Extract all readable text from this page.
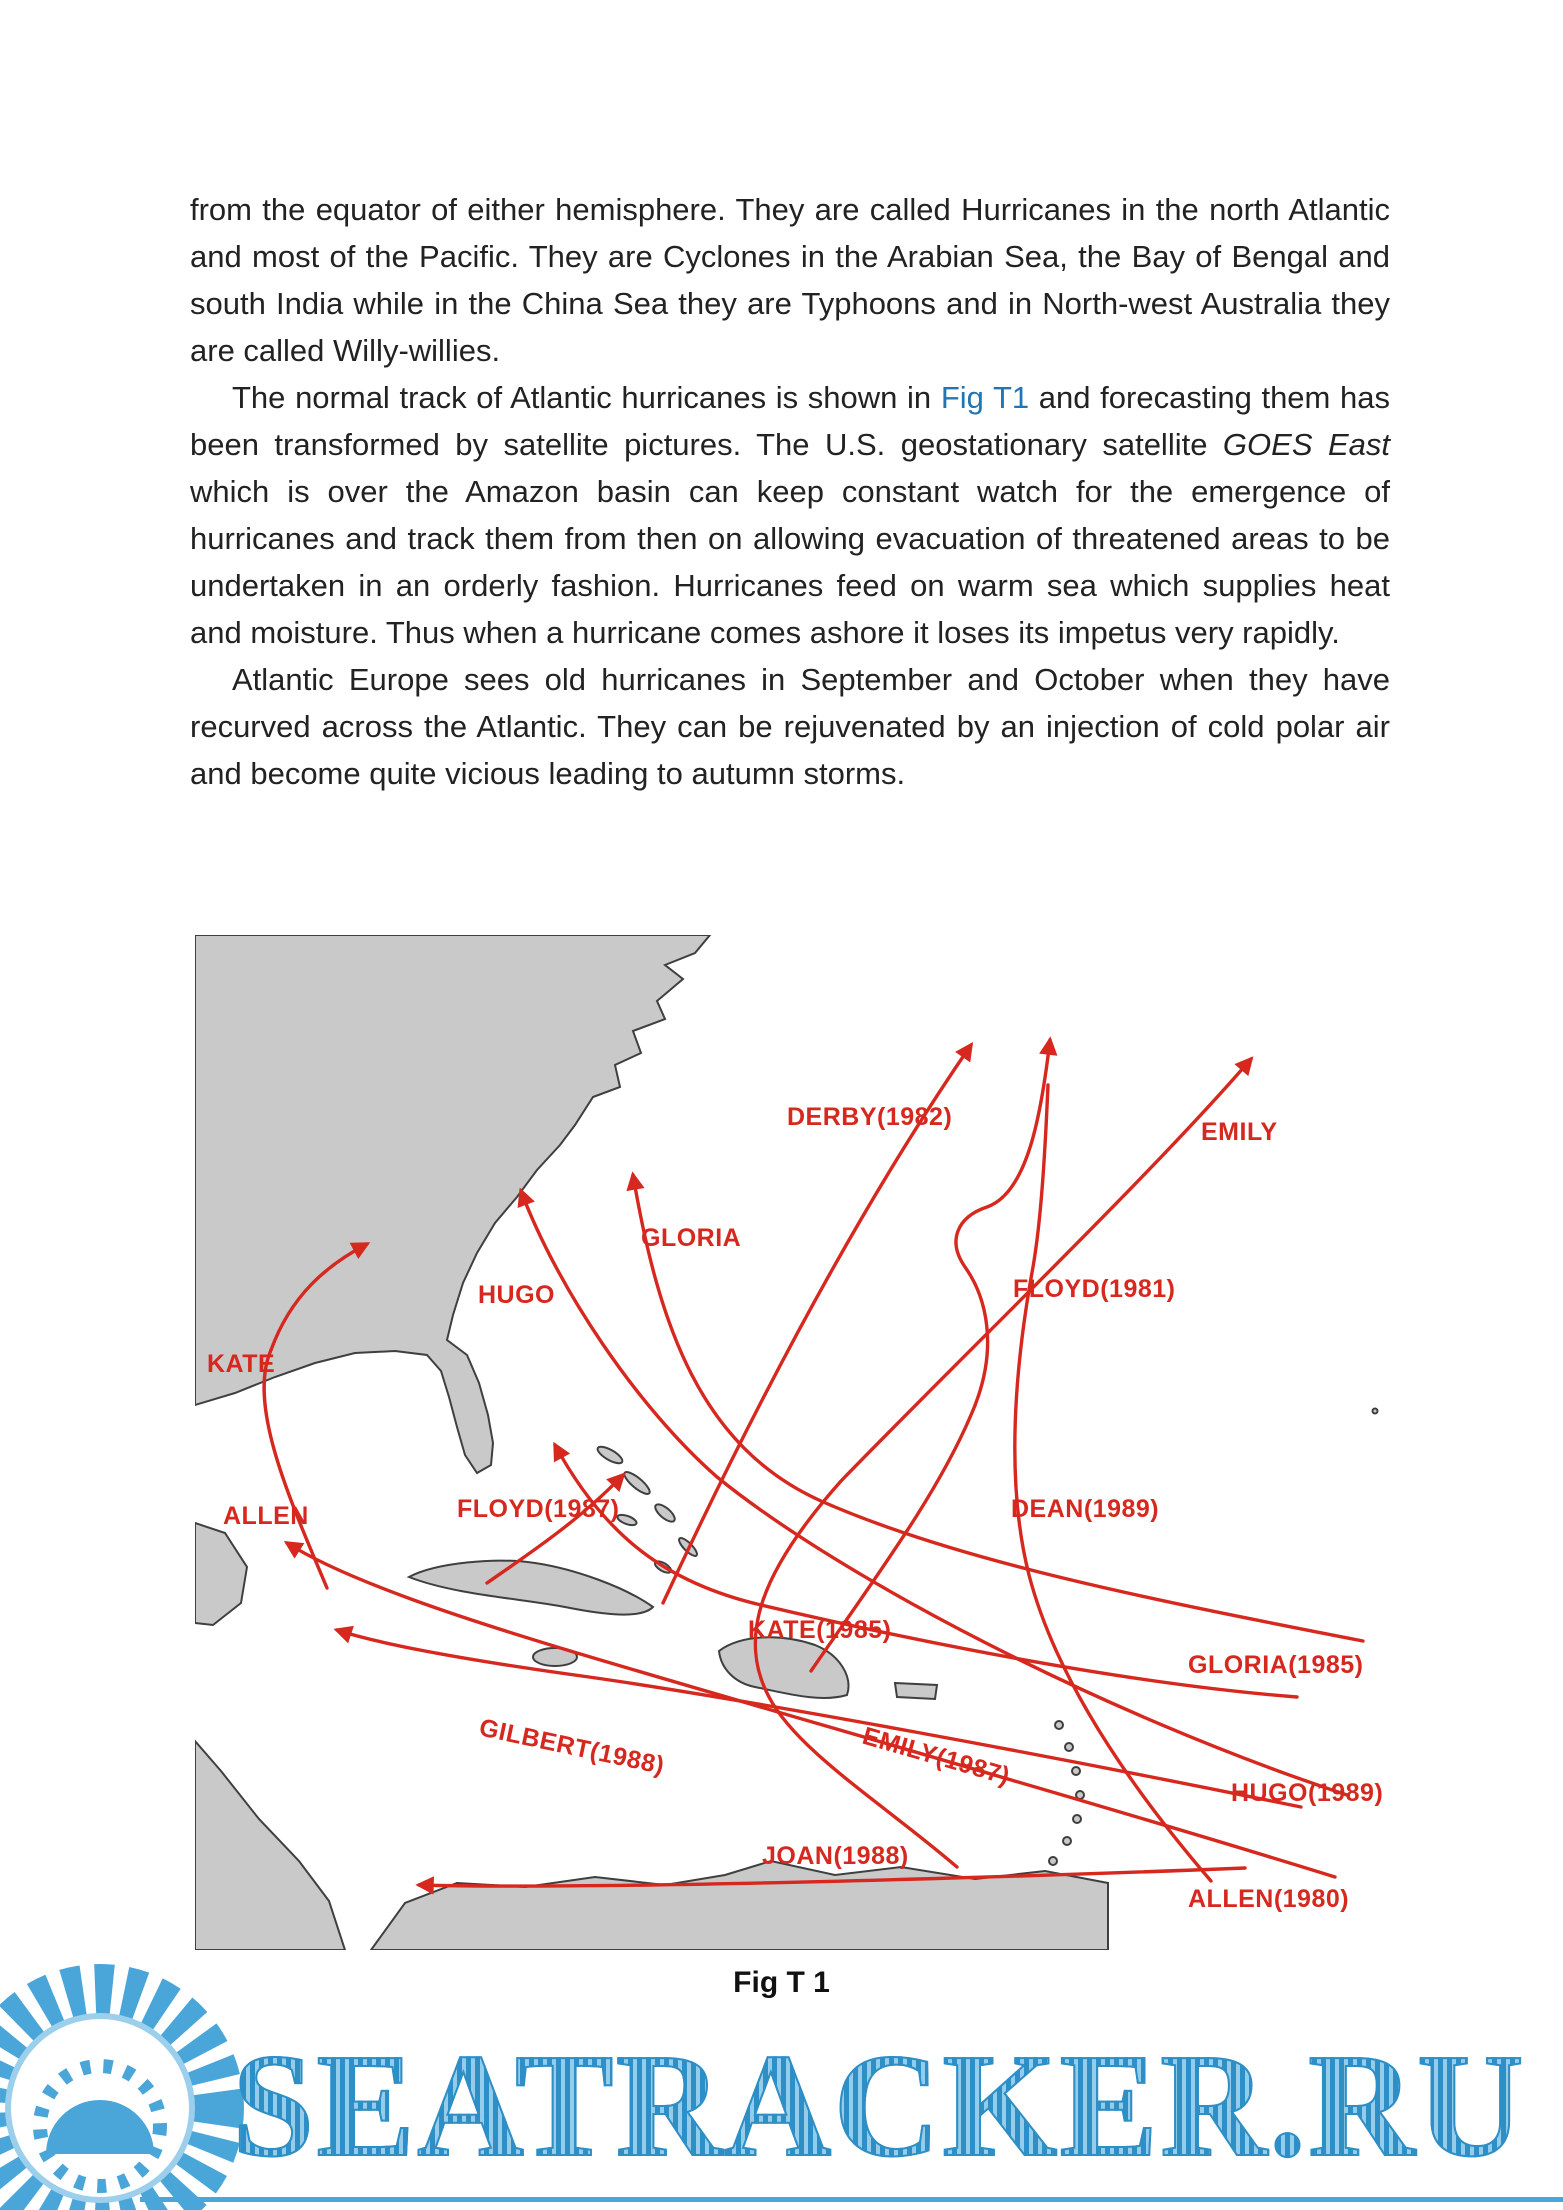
from the equator of either hemisphere. They are called Hurricanes in the north Atlantic and most of the Pacific. They are Cyclones in the Arabian Sea, the Bay of Bengal and south India while in the China Sea they are Typhoons and in North-west Australia they are called Willy-willies.

The normal track of Atlantic hurricanes is shown in Fig T1 and forecasting them has been transformed by satellite pictures. The U.S. geostationary satellite GOES East which is over the Amazon basin can keep constant watch for the emergence of hurricanes and track them from then on allowing evacuation of threatened areas to be undertaken in an orderly fashion. Hurricanes feed on warm sea which supplies heat and moisture. Thus when a hurricane comes ashore it loses its impetus very rapidly.

Atlantic Europe sees old hurricanes in September and October when they have recurved across the Atlantic. They can be rejuvenated by an injection of cold polar air and become quite vicious leading to autumn storms.

KATE
HUGO
GLORIA
DERBY(1982)
EMILY
FLOYD(1981)
ALLEN	FLOYD(1987)	DEAN(1989)
KATE(1985)
GLORIA(1985)
GILBERT(1988)	EMILY(1987)
HUGO(1989)
JOAN(1988)
ALLEN(1980)
Fig T 1
SEATRACKER.RU
